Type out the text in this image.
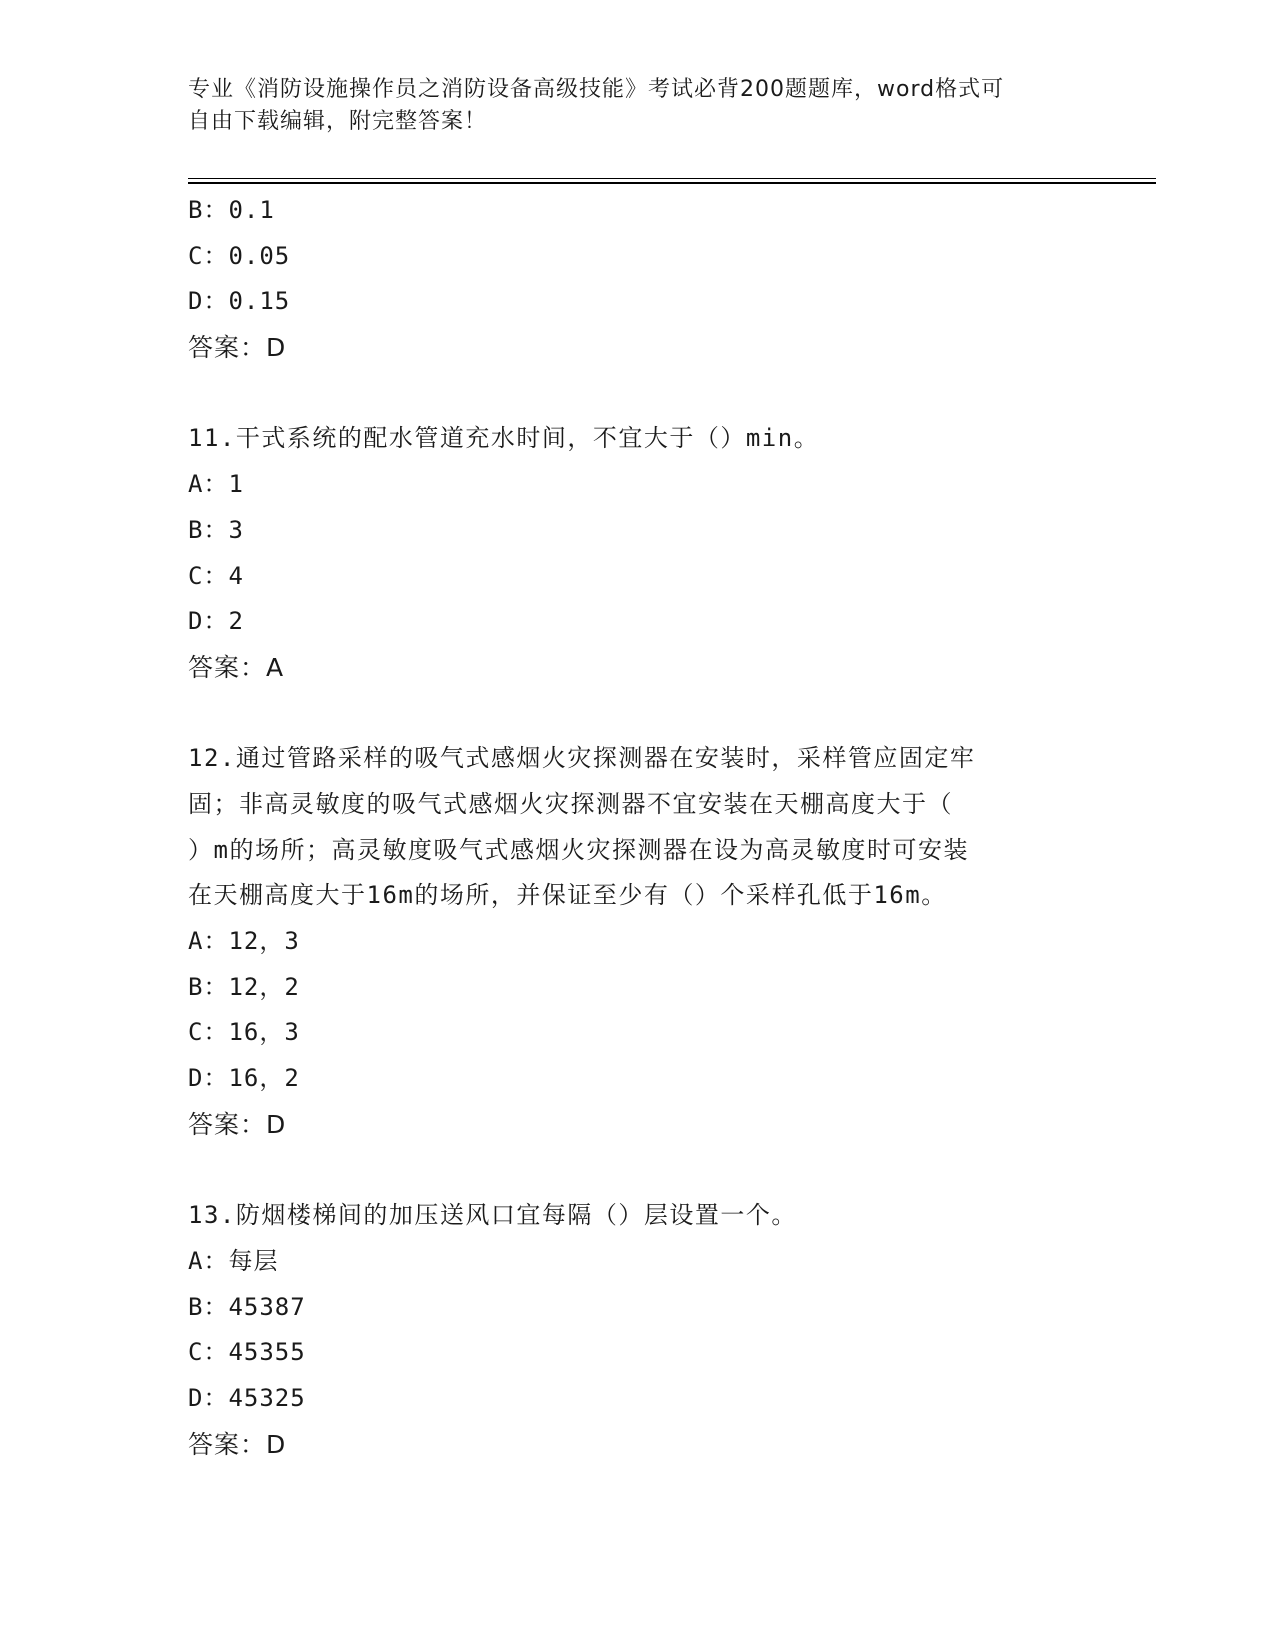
专业《消防设施操作员之消防设备高级技能》考试必背200题题库，word格式可
自由下载编辑，附完整答案！
B：0.1
C：0.05
D：0.15
答案：D
11.干式系统的配水管道充水时间，不宜大于（）min。
A：1
B：3
C：4
D：2
答案：A
12.通过管路采样的吸气式感烟火灾探测器在安装时，采样管应固定牢
固；非高灵敏度的吸气式感烟火灾探测器不宜安装在天棚高度大于（
）m的场所；高灵敏度吸气式感烟火灾探测器在设为高灵敏度时可安装
在天棚高度大于16m的场所，并保证至少有（）个采样孔低于16m。
A：12，3
B：12，2
C：16，3
D：16，2
答案：D
13.防烟楼梯间的加压送风口宜每隔（）层设置一个。
A：每层
B：45387
C：45355
D：45325
答案：D
